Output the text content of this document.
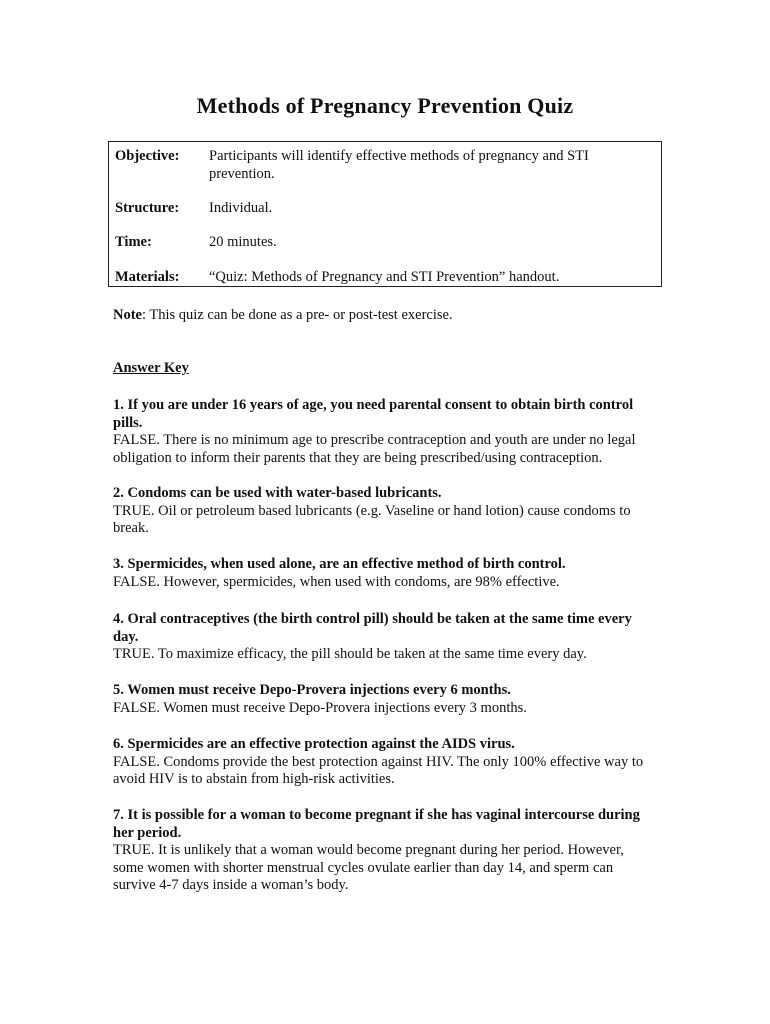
Methods of Pregnancy Prevention Quiz
Objective:	Participants will identify effective methods of pregnancy and STI prevention.
Structure:	Individual.
Time:	20 minutes.
Materials:	“Quiz: Methods of Pregnancy and STI Prevention” handout.
Note: This quiz can be done as a pre- or post-test exercise.
Answer Key
1. If you are under 16 years of age, you need parental consent to obtain birth control pills.
FALSE. There is no minimum age to prescribe contraception and youth are under no legal obligation to inform their parents that they are being prescribed/using contraception.
2. Condoms can be used with water-based lubricants.
TRUE. Oil or petroleum based lubricants (e.g. Vaseline or hand lotion) cause condoms to break.
3. Spermicides, when used alone, are an effective method of birth control.
FALSE. However, spermicides, when used with condoms, are 98% effective.
4. Oral contraceptives (the birth control pill) should be taken at the same time every day.
TRUE. To maximize efficacy, the pill should be taken at the same time every day.
5. Women must receive Depo-Provera injections every 6 months.
FALSE. Women must receive Depo-Provera injections every 3 months.
6. Spermicides are an effective protection against the AIDS virus.
FALSE. Condoms provide the best protection against HIV. The only 100% effective way to avoid HIV is to abstain from high-risk activities.
7. It is possible for a woman to become pregnant if she has vaginal intercourse during her period.
TRUE. It is unlikely that a woman would become pregnant during her period. However, some women with shorter menstrual cycles ovulate earlier than day 14, and sperm can survive 4-7 days inside a woman’s body.
